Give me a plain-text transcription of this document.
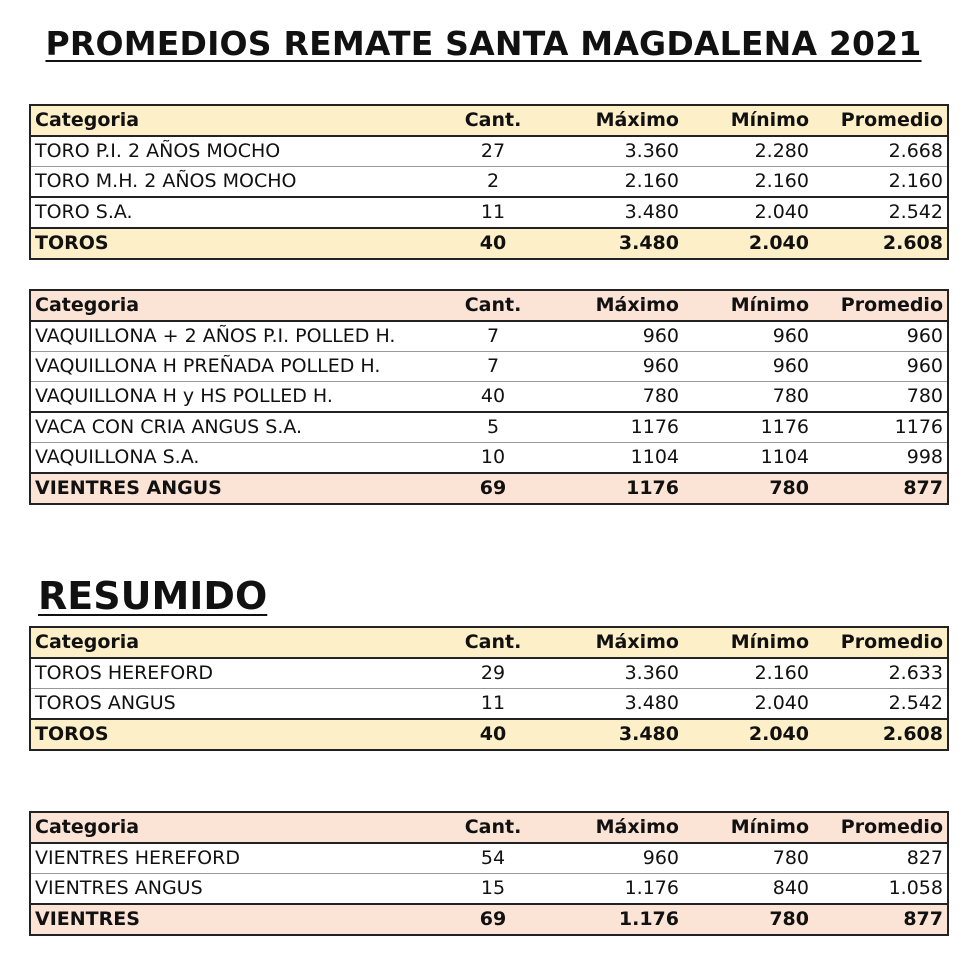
PROMEDIOS REMATE SANTA MAGDALENA 2021
Categoria	Cant.	Máximo	Mínimo	Promedio
TORO P.I. 2 AÑOS MOCHO	27	3.360	2.280	2.668
TORO M.H. 2 AÑOS MOCHO	2	2.160	2.160	2.160
TORO S.A.	11	3.480	2.040	2.542
TOROS	40	3.480	2.040	2.608
Categoria	Cant.	Máximo	Mínimo	Promedio
VAQUILLONA + 2 AÑOS P.I. POLLED H.	7	960	960	960
VAQUILLONA H PREÑADA POLLED H.	7	960	960	960
VAQUILLONA H y HS POLLED H.	40	780	780	780
VACA CON CRIA ANGUS S.A.	5	1176	1176	1176
VAQUILLONA S.A.	10	1104	1104	998
VIENTRES ANGUS	69	1176	780	877
RESUMIDO
Categoria	Cant.	Máximo	Mínimo	Promedio
TOROS HEREFORD	29	3.360	2.160	2.633
TOROS ANGUS	11	3.480	2.040	2.542
TOROS	40	3.480	2.040	2.608
Categoria	Cant.	Máximo	Mínimo	Promedio
VIENTRES HEREFORD	54	960	780	827
VIENTRES ANGUS	15	1.176	840	1.058
VIENTRES	69	1.176	780	877
